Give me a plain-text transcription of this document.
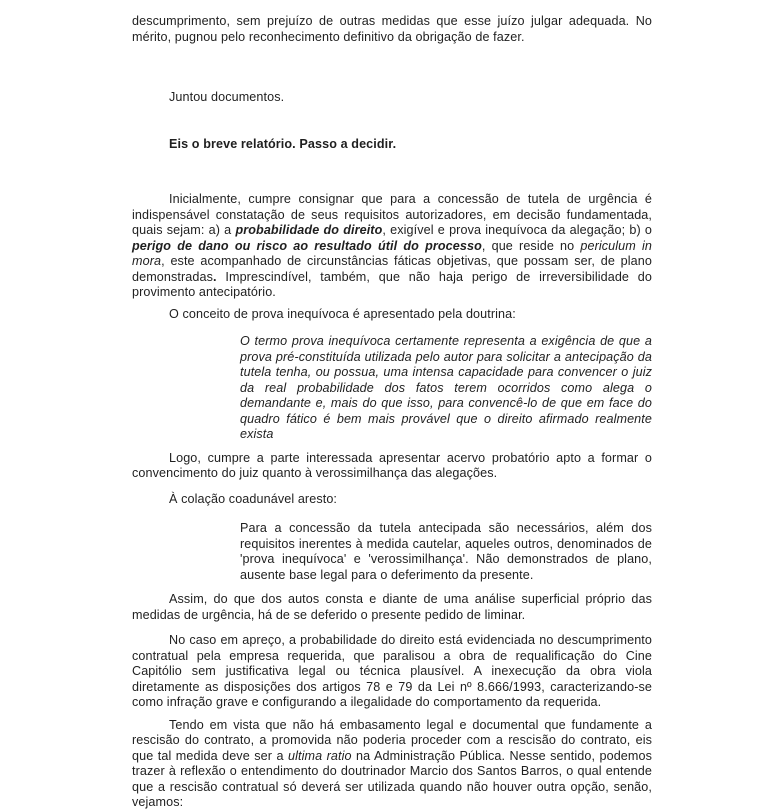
descumprimento, sem prejuízo de outras medidas que esse juízo julgar adequada. No mérito, pugnou pelo reconhecimento definitivo da obrigação de fazer.

Juntou documentos.

Eis o breve relatório. Passo a decidir.

Inicialmente, cumpre consignar que para a concessão de tutela de urgência é indispensável constatação de seus requisitos autorizadores, em decisão fundamentada, quais sejam: a) a probabilidade do direito, exigível e prova inequívoca da alegação; b) o perigo de dano ou risco ao resultado útil do processo, que reside no periculum in mora, este acompanhado de circunstâncias fáticas objetivas, que possam ser, de plano demonstradas. Imprescindível, também, que não haja perigo de irreversibilidade do provimento antecipatório.

O conceito de prova inequívoca é apresentado pela doutrina:

O termo prova inequívoca certamente representa a exigência de que a prova pré-constituída utilizada pelo autor para solicitar a antecipação da tutela tenha, ou possua, uma intensa capacidade para convencer o juiz da real probabilidade dos fatos terem ocorridos como alega o demandante e, mais do que isso, para convencê-lo de que em face do quadro fático é bem mais provável que o direito afirmado realmente exista

Logo, cumpre a parte interessada apresentar acervo probatório apto a formar o convencimento do juiz quanto à verossimilhança das alegações.

À colação coadunável aresto:

Para a concessão da tutela antecipada são necessários, além dos requisitos inerentes à medida cautelar, aqueles outros, denominados de 'prova inequívoca' e 'verossimilhança'. Não demonstrados de plano, ausente base legal para o deferimento da presente.

Assim, do que dos autos consta e diante de uma análise superficial próprio das medidas de urgência, há de se deferido o presente pedido de liminar.

No caso em apreço, a probabilidade do direito está evidenciada no descumprimento contratual pela empresa requerida, que paralisou a obra de requalificação do Cine Capitólio sem justificativa legal ou técnica plausível. A inexecução da obra viola diretamente as disposições dos artigos 78 e 79 da Lei nº 8.666/1993, caracterizando-se como infração grave e configurando a ilegalidade do comportamento da requerida.

Tendo em vista que não há embasamento legal e documental que fundamente a rescisão do contrato, a promovida não poderia proceder com a rescisão do contrato, eis que tal medida deve ser a ultima ratio na Administração Pública. Nesse sentido, podemos trazer à reflexão o entendimento do doutrinador Marcio dos Santos Barros, o qual entende que a rescisão contratual só deverá ser utilizada quando não houver outra opção, senão, vejamos:
